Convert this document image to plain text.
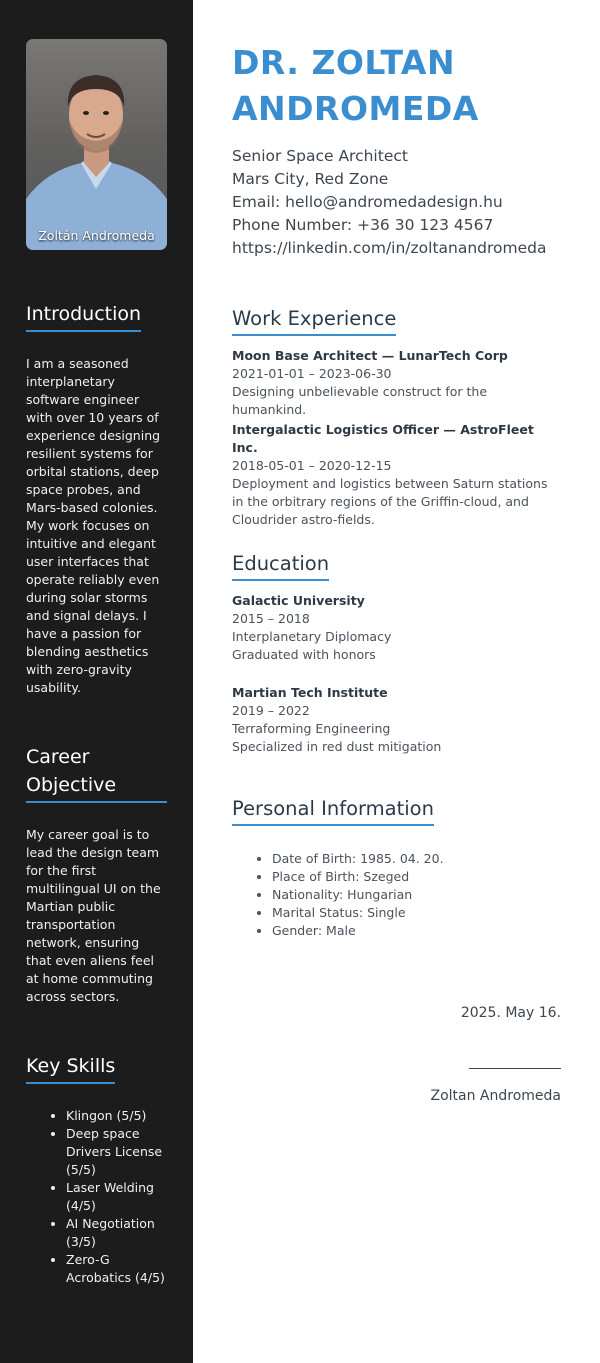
Zoltán Andromeda
Introduction

I am a seasoned interplanetary software engineer with over 10 years of experience designing resilient systems for orbital stations, deep space probes, and Mars-based colonies. My work focuses on intuitive and elegant user interfaces that operate reliably even during solar storms and signal delays. I have a passion for blending aesthetics with zero-gravity usability.

Career Objective

My career goal is to lead the design team for the first multilingual UI on the Martian public transportation network, ensuring that even aliens feel at home commuting across sectors.

Key Skills
• Klingon (5/5)
• Deep space Drivers License (5/5)
• Laser Welding (4/5)
• AI Negotiation (3/5)
• Zero-G Acrobatics (4/5)
DR. ZOLTAN ANDROMEDA
Senior Space Architect
Mars City, Red Zone
Email: hello@andromedadesign.hu
Phone Number: +36 30 123 4567
https://linkedin.com/in/zoltanandromeda
Work Experience
Moon Base Architect — LunarTech Corp
2021-01-01 – 2023-06-30
Designing unbelievable construct for the humankind.
Intergalactic Logistics Officer — AstroFleet Inc.
2018-05-01 – 2020-12-15
Deployment and logistics between Saturn stations in the orbitrary regions of the Griffin-cloud, and Cloudrider astro-fields.
Education
Galactic University
2015 – 2018
Interplanetary Diplomacy
Graduated with honors
Martian Tech Institute
2019 – 2022
Terraforming Engineering
Specialized in red dust mitigation
Personal Information
• Date of Birth: 1985. 04. 20.
• Place of Birth: Szeged
• Nationality: Hungarian
• Marital Status: Single
• Gender: Male
2025. May 16.
Zoltan Andromeda
